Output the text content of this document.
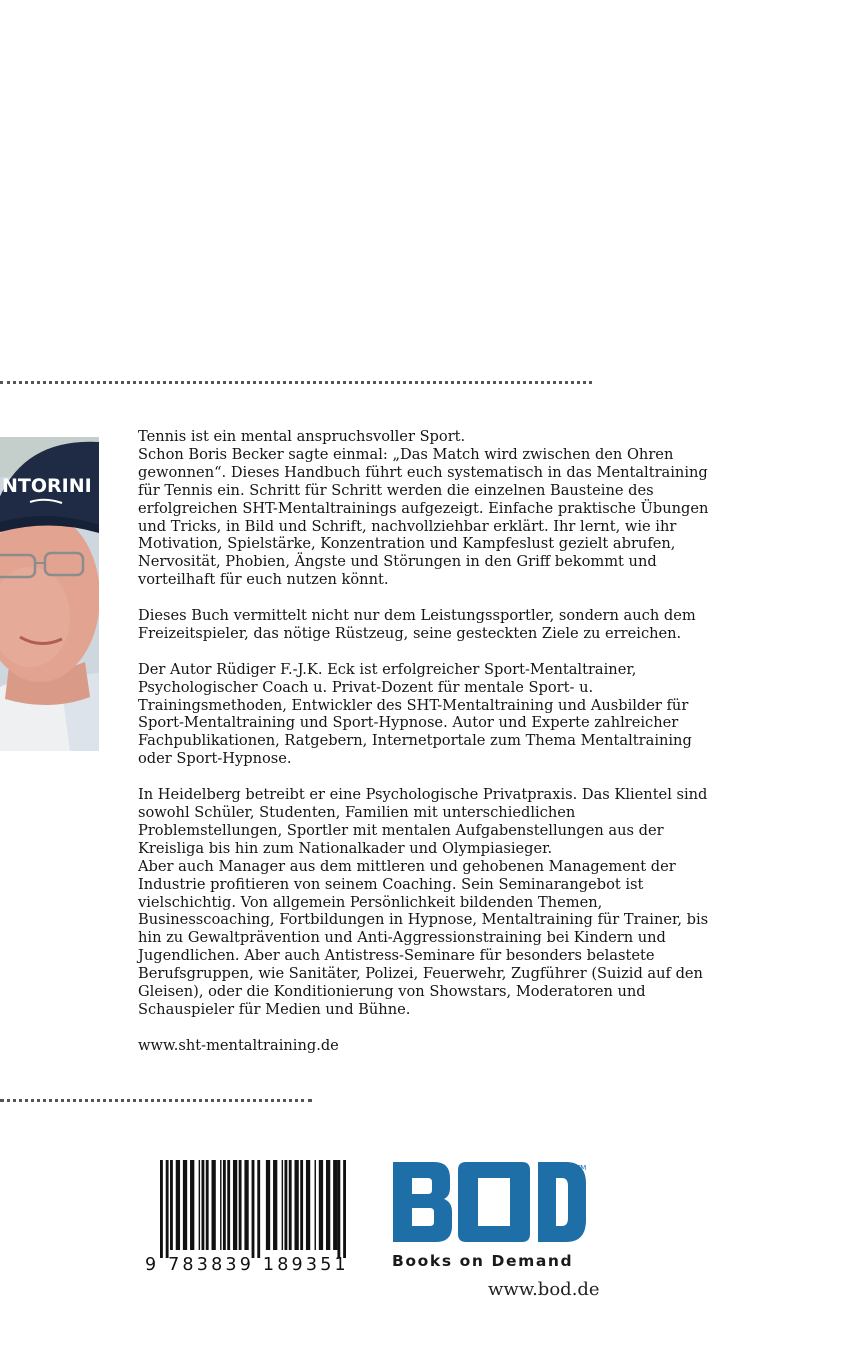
NTORINI

Tennis ist ein mental anspruchsvoller Sport.
Schon Boris Becker sagte einmal: „Das Match wird zwischen den Ohren gewonnen“. Dieses Handbuch führt euch systematisch in das Mentaltraining für Tennis ein. Schritt für Schritt werden die einzelnen Bausteine des erfolgreichen SHT-Mentaltrainings aufgezeigt. Einfache praktische Übungen und Tricks, in Bild und Schrift, nachvollziehbar erklärt. Ihr lernt, wie ihr Motivation, Spielstärke, Konzentration und Kampfeslust gezielt abrufen, Nervosität, Phobien, Ängste und Störungen in den Griff bekommt und vorteilhaft für euch nutzen könnt.

Dieses Buch vermittelt nicht nur dem Leistungssportler, sondern auch dem Freizeitspieler, das nötige Rüstzeug, seine gesteckten Ziele zu erreichen.

Der Autor Rüdiger F.-J.K. Eck ist erfolgreicher Sport-Mentaltrainer, Psychologischer Coach u. Privat-Dozent für mentale Sport- u. Trainingsmethoden, Entwickler des SHT-Mentaltraining und Ausbilder für Sport-Mentaltraining und Sport-Hypnose. Autor und Experte zahlreicher Fachpublikationen, Ratgebern, Internetportale zum Thema Mentaltraining oder Sport-Hypnose.

In Heidelberg betreibt er eine Psychologische Privatpraxis. Das Klientel sind sowohl Schüler, Studenten, Familien mit unterschiedlichen Problemstellungen, Sportler mit mentalen Aufgabenstellungen aus der Kreisliga bis hin zum Nationalkader und Olympiasieger.
Aber auch Manager aus dem mittleren und gehobenen Management der Industrie profitieren von seinem Coaching. Sein Seminarangebot ist vielschichtig. Von allgemein Persönlichkeit bildenden Themen, Businesscoaching, Fortbildungen in Hypnose, Mentaltraining für Trainer, bis hin zu Gewaltprävention und Anti-Aggressionstraining bei Kindern und Jugendlichen. Aber auch Antistress-Seminare für besonders belastete Berufsgruppen, wie Sanitäter, Polizei, Feuerwehr, Zugführer (Suizid auf den Gleisen), oder die Konditionierung von Showstars, Moderatoren und Schauspieler für Medien und Bühne.

www.sht-mentaltraining.de

9 783839 189351
TM
Books on Demand
www.bod.de
